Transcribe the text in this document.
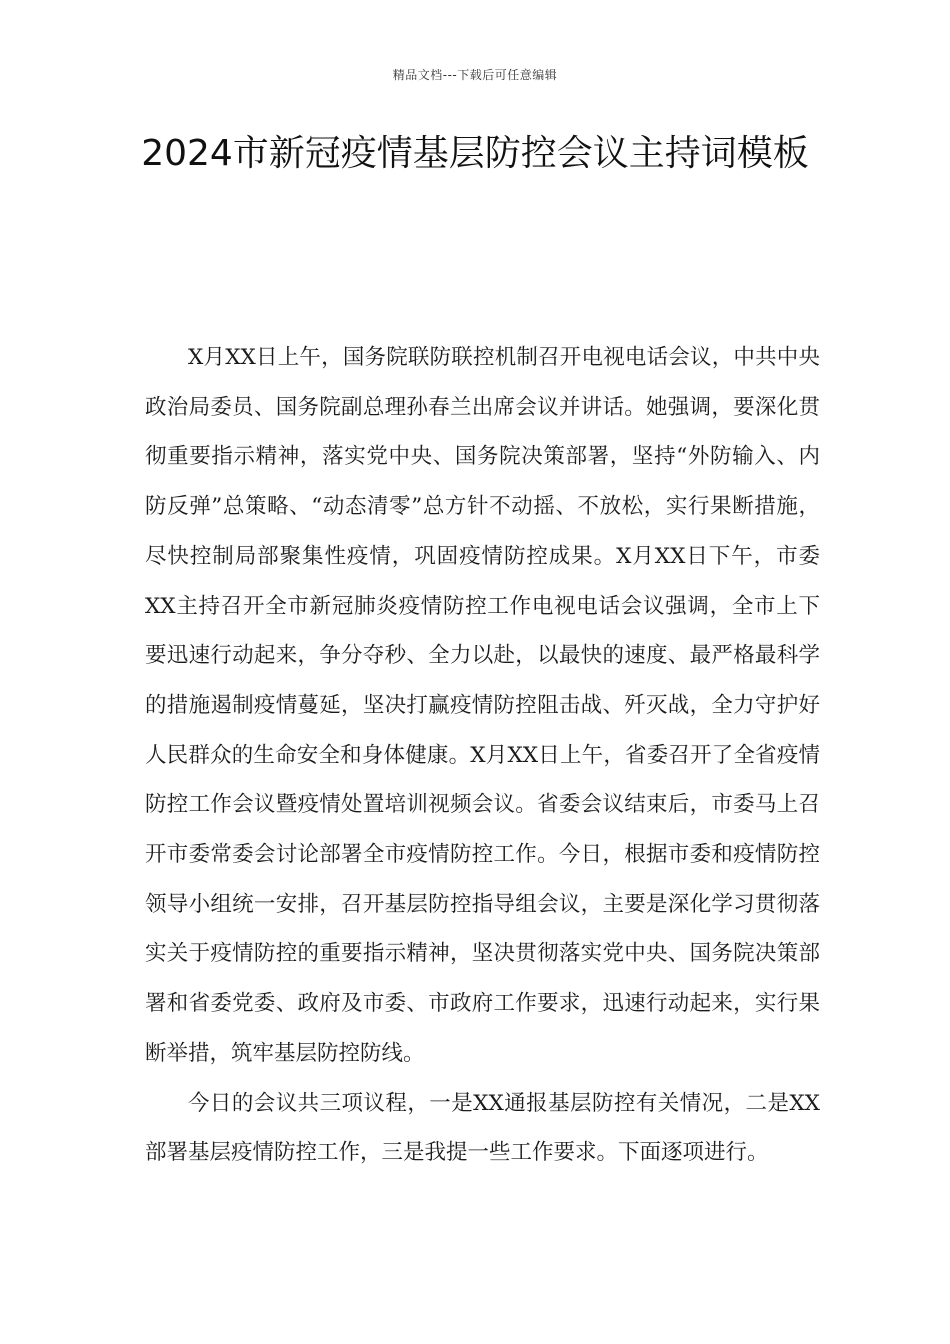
精品文档---下载后可任意编辑
2024市新冠疫情基层防控会议主持词模板

X月XX日上午，国务院联防联控机制召开电视电话会议，中共中央政治局委员、国务院副总理孙春兰出席会议并讲话。她强调，要深化贯彻重要指示精神，落实党中央、国务院决策部署，坚持“外防输入、内防反弹”总策略、“动态清零”总方针不动摇、不放松，实行果断措施，尽快控制局部聚集性疫情，巩固疫情防控成果。X月XX日下午，市委XX主持召开全市新冠肺炎疫情防控工作电视电话会议强调，全市上下要迅速行动起来，争分夺秒、全力以赴，以最快的速度、最严格最科学的措施遏制疫情蔓延，坚决打赢疫情防控阻击战、歼灭战，全力守护好人民群众的生命安全和身体健康。X月XX日上午，省委召开了全省疫情防控工作会议暨疫情处置培训视频会议。省委会议结束后，市委马上召开市委常委会讨论部署全市疫情防控工作。今日，根据市委和疫情防控领导小组统一安排，召开基层防控指导组会议，主要是深化学习贯彻落实关于疫情防控的重要指示精神，坚决贯彻落实党中央、国务院决策部署和省委党委、政府及市委、市政府工作要求，迅速行动起来，实行果断举措，筑牢基层防控防线。

今日的会议共三项议程，一是XX通报基层防控有关情况，二是XX部署基层疫情防控工作，三是我提一些工作要求。下面逐项进行。
